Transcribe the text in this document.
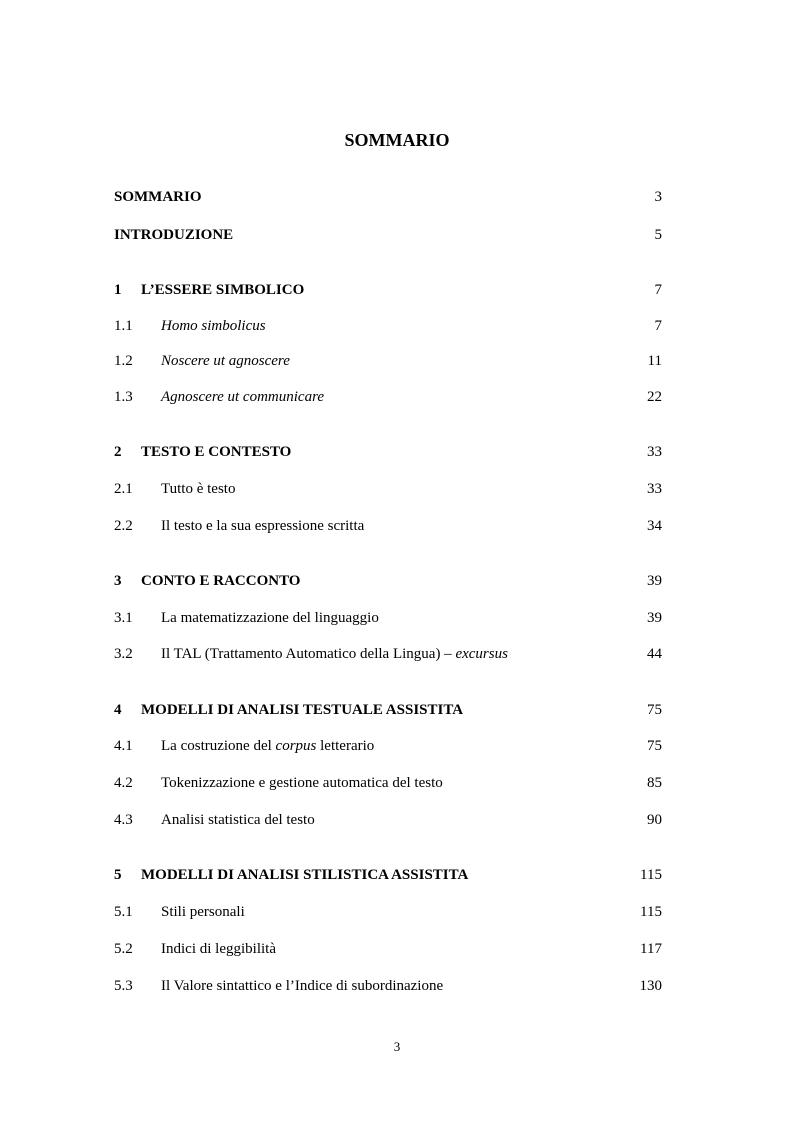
SOMMARIO
SOMMARIO	3
INTRODUZIONE	5
1 L’ESSERE SIMBOLICO	7
1.1 Homo simbolicus	7
1.2 Noscere ut agnoscere	11
1.3 Agnoscere ut communicare	22
2 TESTO E CONTESTO	33
2.1 Tutto è testo	33
2.2 Il testo e la sua espressione scritta	34
3 CONTO E RACCONTO	39
3.1 La matematizzazione del linguaggio	39
3.2 Il TAL (Trattamento Automatico della Lingua) – excursus	44
4 MODELLI DI ANALISI TESTUALE ASSISTITA	75
4.1 La costruzione del corpus letterario	75
4.2 Tokenizzazione e gestione automatica del testo	85
4.3 Analisi statistica del testo	90
5 MODELLI DI ANALISI STILISTICA ASSISTITA	115
5.1 Stili personali	115
5.2 Indici di leggibilità	117
5.3 Il Valore sintattico e l’Indice di subordinazione	130
3
